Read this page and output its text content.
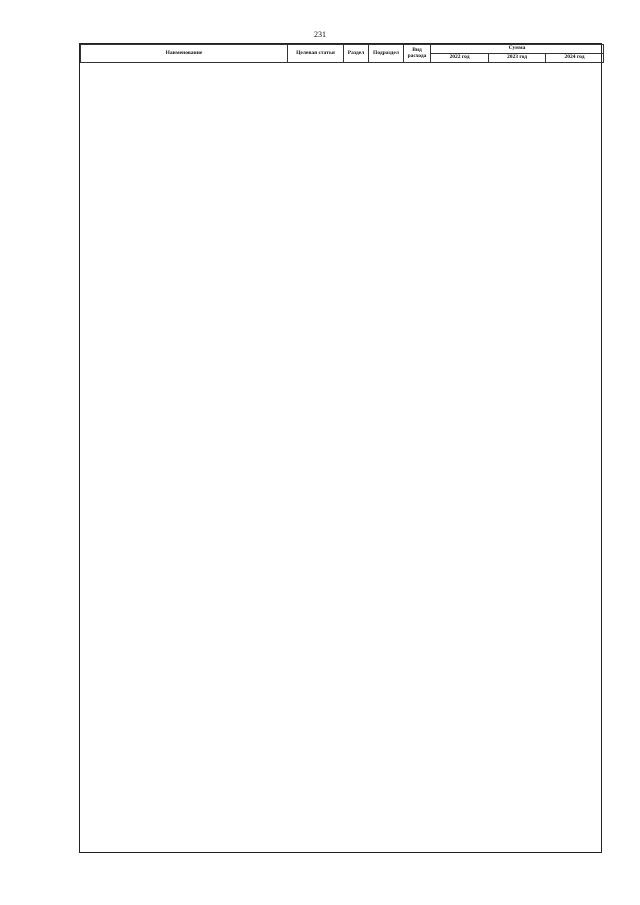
231
Наименование	Целевая статья	Раздел	Подраздел	Вид расхода	Сумма		
					2022 год	2023 год	2024 год
